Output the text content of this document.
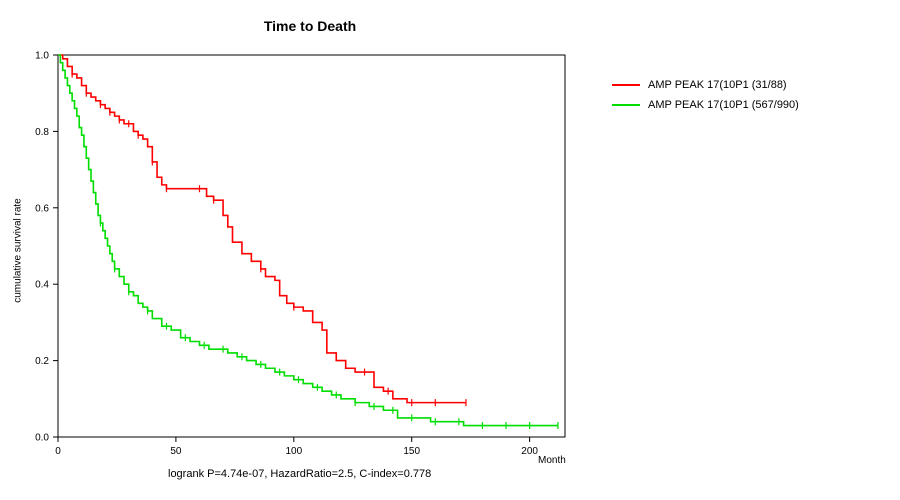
Time to Death
0	50	100	150	200
0.0
0.2
0.4
0.6
0.8
1.0
cumulative survival rate
Month
logrank P=4.74e-07, HazardRatio=2.5, C-index=0.778
AMP PEAK 17(10P1 (31/88)
AMP PEAK 17(10P1 (567/990)
